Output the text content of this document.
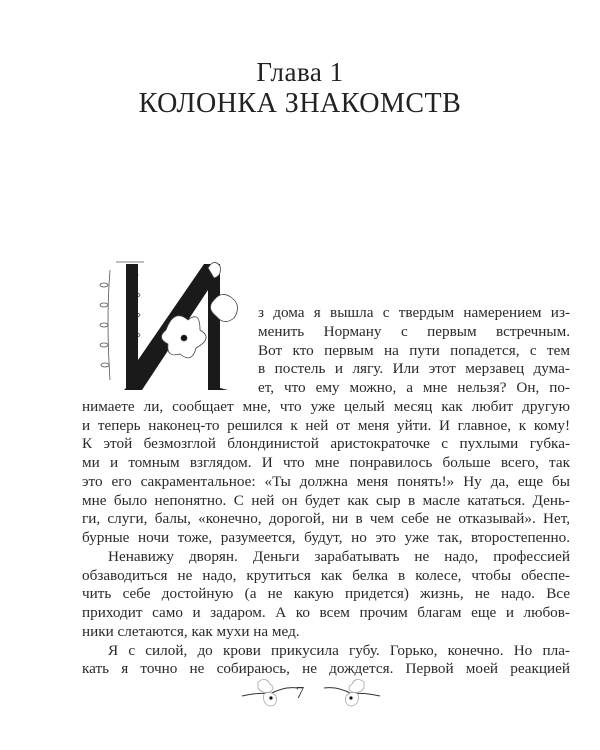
Глава 1
КОЛОНКА ЗНАКОМСТВ
И
з дома я вышла с твердым намерением из-
менить Норману с первым встречным.
Вот кто первым на пути попадется, с тем
в постель и лягу. Или этот мерзавец дума-
ет, что ему можно, а мне нельзя? Он, по-
нимаете ли, сообщает мне, что уже целый месяц как любит другую
и теперь наконец-то решился к ней от меня уйти. И главное, к кому!
К этой безмозглой блондинистой аристократочке с пухлыми губка-
ми и томным взглядом. И что мне понравилось больше всего, так
это его сакраментальное: «Ты должна меня понять!» Ну да, еще бы
мне было непонятно. С ней он будет как сыр в масле кататься. День-
ги, слуги, балы, «конечно, дорогой, ни в чем себе не отказывай». Нет,
бурные ночи тоже, разумеется, будут, но это уже так, второстепенно.
Ненавижу дворян. Деньги зарабатывать не надо, профессией
обзаводиться не надо, крутиться как белка в колесе, чтобы обеспе-
чить себе достойную (а не какую придется) жизнь, не надо. Все
приходит само и задаром. А ко всем прочим благам еще и любов-
ники слетаются, как мухи на мед.
Я с силой, до крови прикусила губу. Горько, конечно. Но пла-
кать я точно не собираюсь, не дождется. Первой моей реакцией
7
